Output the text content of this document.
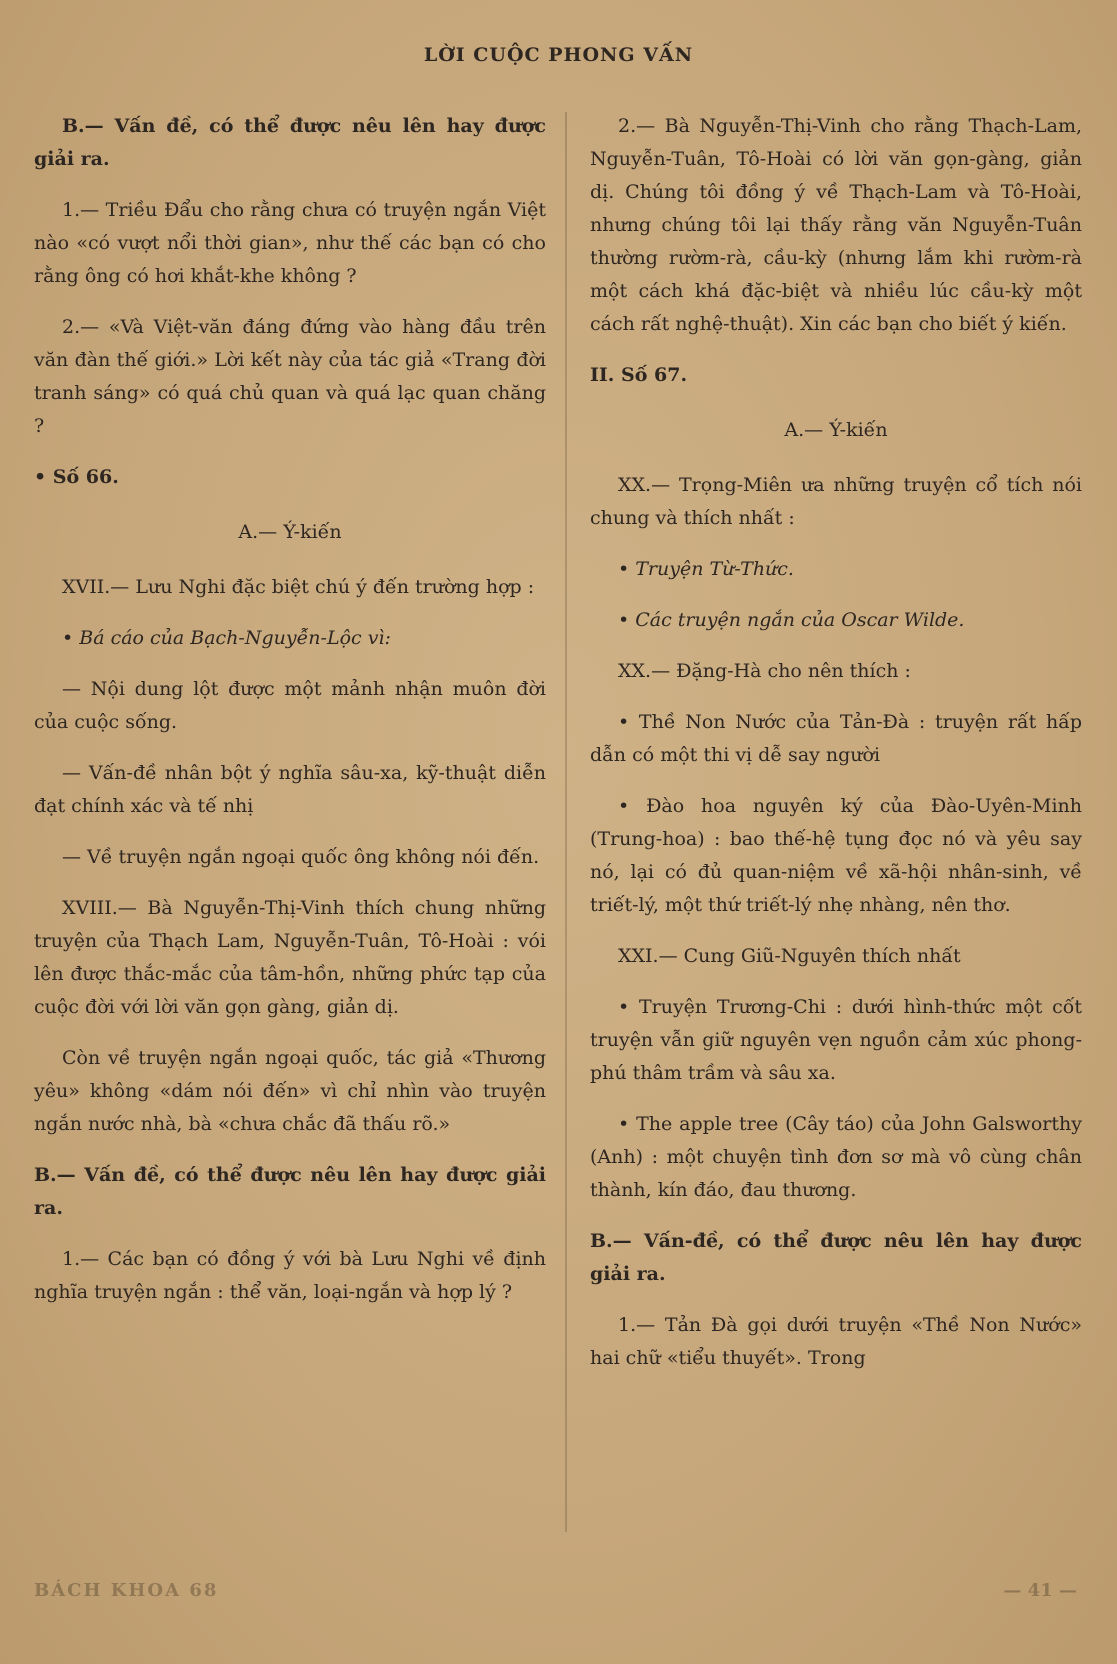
LỜI CUỘC PHONG VẤN

B.— Vấn đề, có thể được nêu lên hay được giải ra.

1.— Triều Đẩu cho rằng chưa có truyện ngắn Việt nào «có vượt nổi thời gian», như thế các bạn có cho rằng ông có hơi khắt-khe không ?

2.— «Và Việt-văn đáng đứng vào hàng đầu trên văn đàn thế giới.» Lời kết này của tác giả «Trang đời tranh sáng» có quá chủ quan và quá lạc quan chăng ?

• Số 66.

A.— Ý-kiến

XVII.— Lưu Nghi đặc biệt chú ý đến trường hợp :

• Bá cáo của Bạch-Nguyễn-Lộc vì:

— Nội dung lột được một mảnh nhận muôn đời của cuộc sống.

— Vấn-đề nhân bột ý nghĩa sâu-xa, kỹ-thuật diễn đạt chính xác và tế nhị

— Về truyện ngắn ngoại quốc ông không nói đến.

XVIII.— Bà Nguyễn-Thị-Vinh thích chung những truyện của Thạch Lam, Nguyễn-Tuân, Tô-Hoài : vói lên được thắc-mắc của tâm-hồn, những phức tạp của cuộc đời với lời văn gọn gàng, giản dị.

Còn về truyện ngắn ngoại quốc, tác giả «Thương yêu» không «dám nói đến» vì chỉ nhìn vào truyện ngắn nước nhà, bà «chưa chắc đã thấu rõ.»

B.— Vấn đề, có thể được nêu lên hay được giải ra.

1.— Các bạn có đồng ý với bà Lưu Nghi về định nghĩa truyện ngắn : thể văn, loại-ngắn và hợp lý ?

2.— Bà Nguyễn-Thị-Vinh cho rằng Thạch-Lam, Nguyễn-Tuân, Tô-Hoài có lời văn gọn-gàng, giản dị. Chúng tôi đồng ý về Thạch-Lam và Tô-Hoài, nhưng chúng tôi lại thấy rằng văn Nguyễn-Tuân thường rườm-rà, cầu-kỳ (nhưng lắm khi rườm-rà một cách khá đặc-biệt và nhiều lúc cầu-kỳ một cách rất nghệ-thuật). Xin các bạn cho biết ý kiến.

II. Số 67.

A.— Ý-kiến

XX.— Trọng-Miên ưa những truyện cổ tích nói chung và thích nhất :

• Truyện Từ-Thức.

• Các truyện ngắn của Oscar Wilde.

XX.— Đặng-Hà cho nên thích :

• Thề Non Nước của Tản-Đà : truyện rất hấp dẫn có một thi vị dễ say người

• Đào hoa nguyên ký của Đào-Uyên-Minh (Trung-hoa) : bao thế-hệ tụng đọc nó và yêu say nó, lại có đủ quan-niệm về xã-hội nhân-sinh, về triết-lý, một thứ triết-lý nhẹ nhàng, nên thơ.

XXI.— Cung Giũ-Nguyên thích nhất

• Truyện Trương-Chi : dưới hình-thức một cốt truyện vẫn giữ nguyên vẹn nguồn cảm xúc phong-phú thâm trầm và sâu xa.

• The apple tree (Cây táo) của John Galsworthy (Anh) : một chuyện tình đơn sơ mà vô cùng chân thành, kín đáo, đau thương.

B.— Vấn-đề, có thể được nêu lên hay được giải ra.

1.— Tản Đà gọi dưới truyện «Thề Non Nước» hai chữ «tiểu thuyết». Trong

BÁCH KHOA 68	— 41 —
